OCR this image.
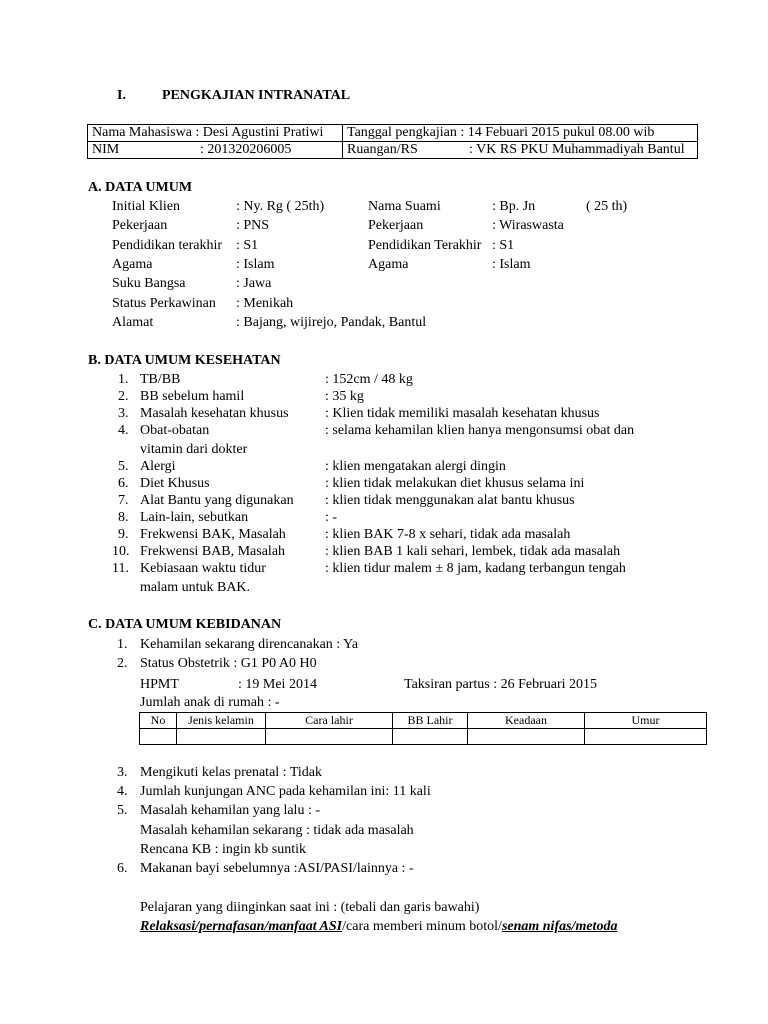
I.	PENGKAJIAN INTRANATAL
Nama Mahasiswa : Desi Agustini Pratiwi	Tanggal pengkajian : 14 Febuari 2015 pukul 08.00 wib
NIM : 201320206005	Ruangan/RS : VK RS PKU Muhammadiyah Bantul
A. DATA UMUM
Initial Klien	: Ny. Rg ( 25th)	Nama Suami	: Bp. Jn	( 25 th)
Pekerjaan	: PNS	Pekerjaan	: Wiraswasta
Pendidikan terakhir : S1	Pendidikan Terakhir : S1
Agama	: Islam	Agama	: Islam
Suku Bangsa	: Jawa
Status Perkawinan : Menikah
Alamat	: Bajang, wijirejo, Pandak, Bantul
B. DATA UMUM KESEHATAN
1. TB/BB	: 152cm / 48 kg
2. BB sebelum hamil	: 35 kg
3. Masalah kesehatan khusus	: Klien tidak memiliki masalah kesehatan khusus
4. Obat-obatan	: selama kehamilan klien hanya mengonsumsi obat dan
vitamin dari dokter
5. Alergi	: klien mengatakan alergi dingin
6. Diet Khusus	: klien tidak melakukan diet khusus selama ini
7. Alat Bantu yang digunakan : klien tidak menggunakan alat bantu khusus
8. Lain-lain, sebutkan	: -
9. Frekwensi BAK, Masalah	: klien BAK 7-8 x sehari, tidak ada masalah
10. Frekwensi BAB, Masalah	: klien BAB 1 kali sehari, lembek, tidak ada masalah
11. Kebiasaan waktu tidur	: klien tidur malem ± 8 jam, kadang terbangun tengah
malam untuk BAK.
C. DATA UMUM KEBIDANAN
1. Kehamilan sekarang direncanakan : Ya
2. Status Obstetrik : G1 P0 A0 H0
HPMT	: 19 Mei 2014	Taksiran partus : 26 Februari 2015
Jumlah anak di rumah : -
No	Jenis kelamin	Cara lahir	BB Lahir	Keadaan	Umur

3. Mengikuti kelas prenatal : Tidak
4. Jumlah kunjungan ANC pada kehamilan ini: 11 kali
5. Masalah kehamilan yang lalu : -
Masalah kehamilan sekarang : tidak ada masalah
Rencana KB : ingin kb suntik
6. Makanan bayi sebelumnya :ASI/PASI/lainnya : -
Pelajaran yang diinginkan saat ini : (tebali dan garis bawahi)
Relaksasi/pernafasan/manfaat ASI/cara memberi minum botol/senam nifas/metoda
